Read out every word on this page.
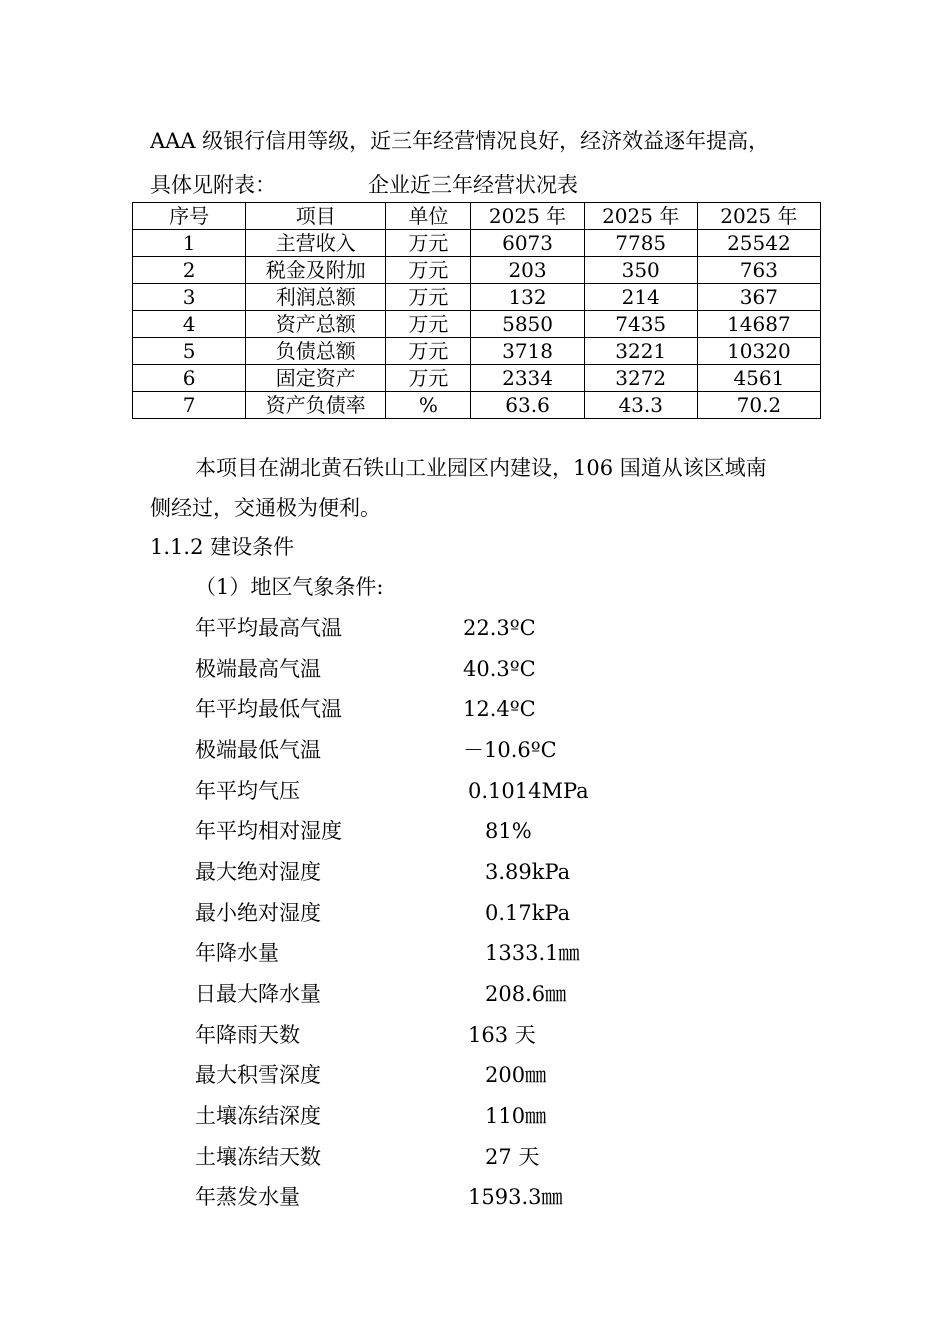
AAA 级银行信用等级，近三年经营情况良好，经济效益逐年提高，
具体见附表：	企业近三年经营状况表
序号	项目	单位	2025 年	2025 年	2025 年
1	主营收入	万元	6073	7785	25542
2	税金及附加	万元	203	350	763
3	利润总额	万元	132	214	367
4	资产总额	万元	5850	7435	14687
5	负债总额	万元	3718	3221	10320
6	固定资产	万元	2334	3272	4561
7	资产负债率	%	63.6	43.3	70.2
本项目在湖北黄石铁山工业园区内建设，106 国道从该区域南
侧经过，交通极为便利。
1.1.2 建设条件
（1）地区气象条件:
年平均最高气温	22.3ºC
极端最高气温	40.3ºC
年平均最低气温	12.4ºC
极端最低气温	－10.6ºC
年平均气压	0.1014MPa
年平均相对湿度	81%
最大绝对湿度	3.89kPa
最小绝对湿度	0.17kPa
年降水量	1333.1㎜
日最大降水量	208.6㎜
年降雨天数	163 天
最大积雪深度	200㎜
土壤冻结深度	110㎜
土壤冻结天数	27 天
年蒸发水量	1593.3㎜
